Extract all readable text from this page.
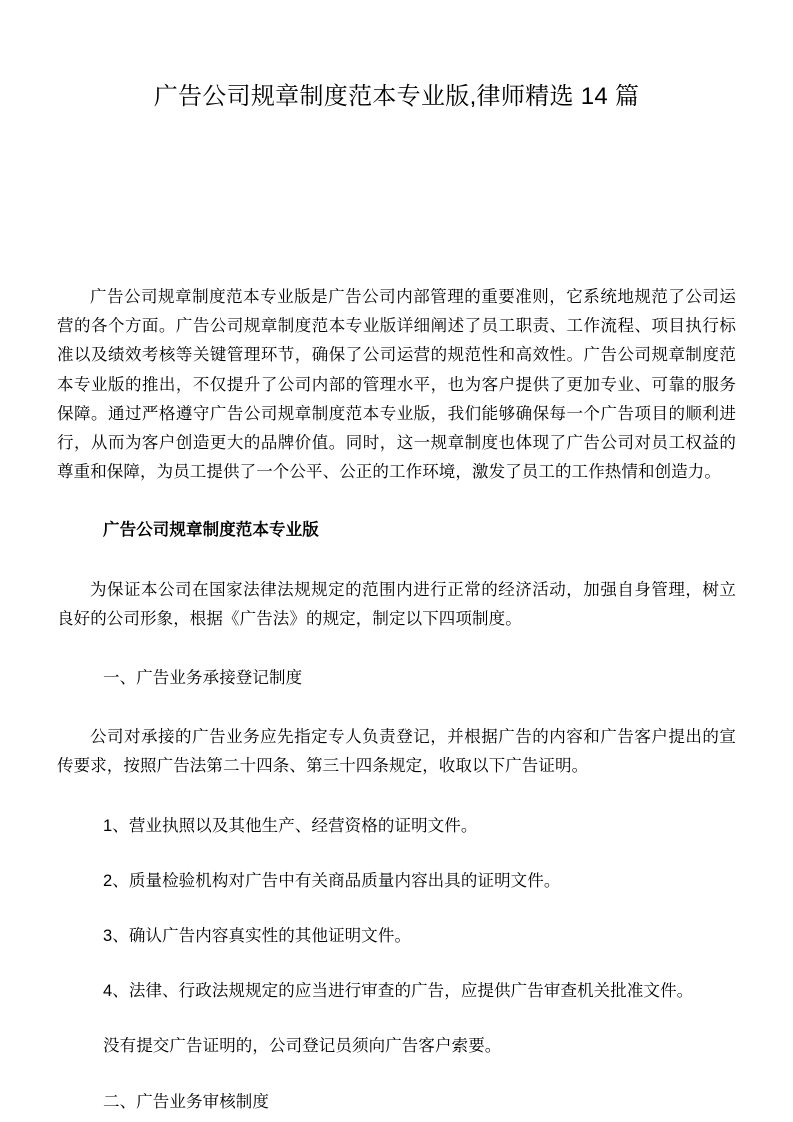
广告公司规章制度范本专业版,律师精选 14 篇

广告公司规章制度范本专业版是广告公司内部管理的重要准则，它系统地规范了公司运营的各个方面。广告公司规章制度范本专业版详细阐述了员工职责、工作流程、项目执行标准以及绩效考核等关键管理环节，确保了公司运营的规范性和高效性。广告公司规章制度范本专业版的推出，不仅提升了公司内部的管理水平，也为客户提供了更加专业、可靠的服务保障。通过严格遵守广告公司规章制度范本专业版，我们能够确保每一个广告项目的顺利进行，从而为客户创造更大的品牌价值。同时，这一规章制度也体现了广告公司对员工权益的尊重和保障，为员工提供了一个公平、公正的工作环境，激发了员工的工作热情和创造力。

广告公司规章制度范本专业版

为保证本公司在国家法律法规规定的范围内进行正常的经济活动，加强自身管理，树立良好的公司形象，根据《广告法》的规定，制定以下四项制度。

一、广告业务承接登记制度

公司对承接的广告业务应先指定专人负责登记，并根据广告的内容和广告客户提出的宣传要求，按照广告法第二十四条、第三十四条规定，收取以下广告证明。

1、营业执照以及其他生产、经营资格的证明文件。

2、质量检验机构对广告中有关商品质量内容出具的证明文件。

3、确认广告内容真实性的其他证明文件。

4、法律、行政法规规定的应当进行审查的广告，应提供广告审查机关批准文件。

没有提交广告证明的，公司登记员须向广告客户索要。

二、广告业务审核制度
